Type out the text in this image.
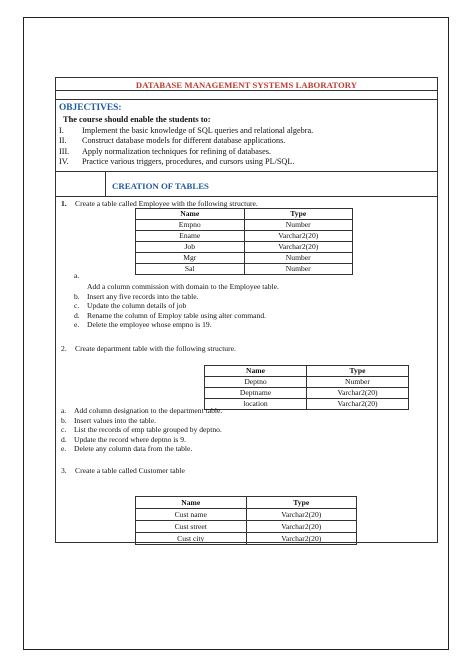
DATABASE MANAGEMENT SYSTEMS LABORATORY
OBJECTIVES:
The course should enable the students to:
I.	Implement the basic knowledge of SQL queries and relational algebra.
II.	Construct database models for different database applications.
III.	Apply normalization techniques for refining of databases.
IV.	Practice various triggers, procedures, and cursors using PL/SQL.
CREATION OF TABLES
1. Create a table called Employee with the following structure.
Name	Type
Empno	Number
Ename	Varchar2(20)
Job	Varchar2(20)
Mgr	Number
Sal	Number
a.
Add a column commission with domain to the Employee table.
b. Insert any five records into the table.
c.	Update the column details of job
d. Rename the column of Employ table using alter command.
e.	Delete the employee whose empno is 19.
2. Create department table with the following structure.
Name	Type
Deptno	Number
Deptname	Varchar2(20)
location	Varchar2(20)
a.	Add column designation to the department table.
b. Insert values into the table.
c.	List the records of emp table grouped by deptno.
d. Update the record where deptno is 9.
e.	Delete any column data from the table.
3. Create a table called Customer table
Name	Type
Cust name	Varchar2(20)
Cust street	Varchar2(20)
Cust city	Varchar2(20)
